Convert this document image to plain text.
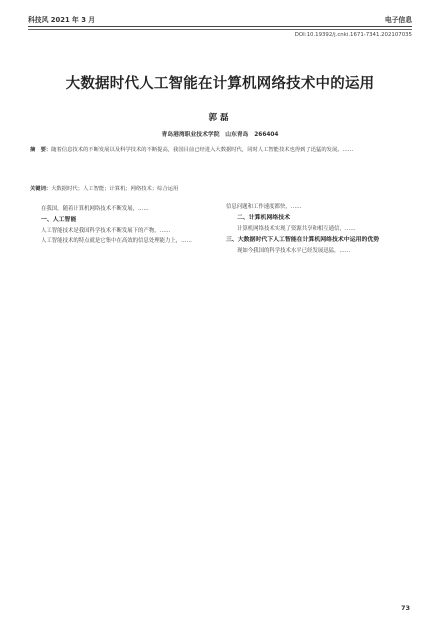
科技风 2021 年 3 月	电子信息
DOI:10.19392/j.cnki.1671-7341.202107035
大数据时代人工智能在计算机网络技术中的运用
郭磊
青岛港湾职业技术学院　山东青岛　266404
摘　要：随着信息技术的不断发展以及科学技术的不断提高，我国目前已经进入大数据时代，同时人工智能技术也得到了迅猛的发展。……
关键词：大数据时代；人工智能；计算机；网络技术；综合运用

在我国，随着计算机网络技术不断发展，……

一、人工智能

人工智能技术是我国科学技术不断发展下的产物，……

人工智能技术的特点就是它集中在高效的信息处理能力上，……

信息问题和工作速度都快，……

二、计算机网络技术

计算机网络技术实现了资源共享和相互通信，……

三、大数据时代下人工智能在计算机网络技术中运用的优势

现如今我国的科学技术水平已经发展迅猛，……

73
